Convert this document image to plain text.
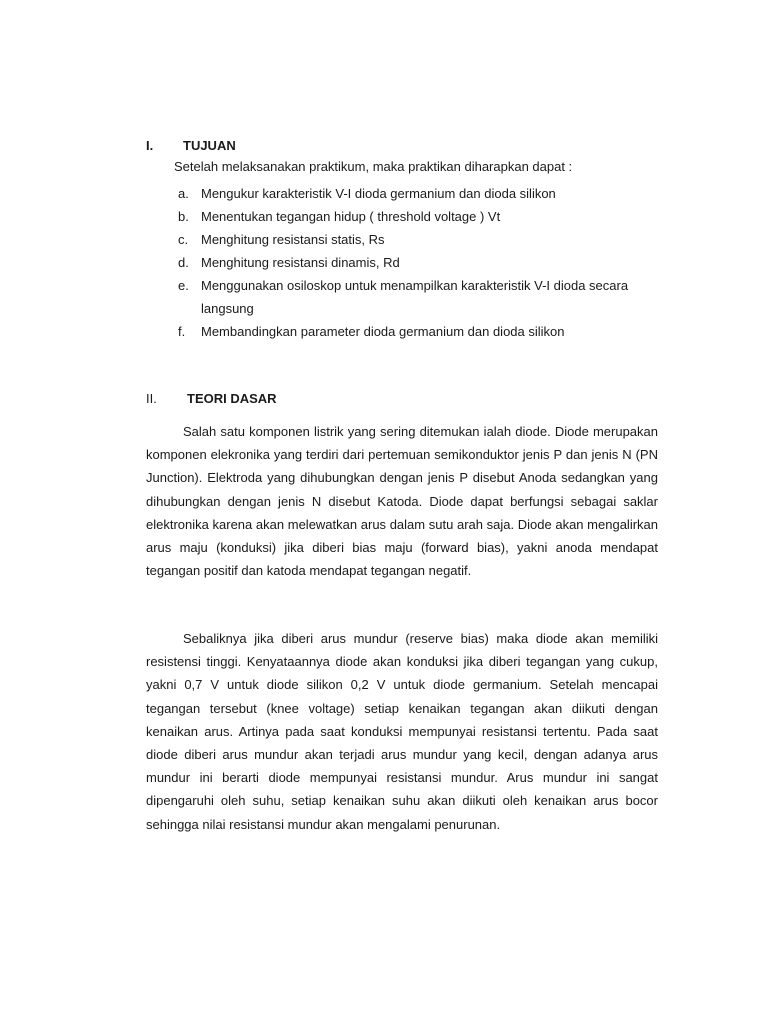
I. TUJUAN
Setelah melaksanakan praktikum, maka praktikan diharapkan dapat :
a. Mengukur karakteristik V-I dioda germanium dan dioda silikon
b. Menentukan tegangan hidup ( threshold voltage ) Vt
c. Menghitung resistansi statis, Rs
d. Menghitung resistansi dinamis, Rd
e. Menggunakan osiloskop untuk menampilkan karakteristik V-I dioda secara langsung
f. Membandingkan parameter dioda germanium dan dioda silikon
II. TEORI DASAR

Salah satu komponen listrik yang sering ditemukan ialah diode. Diode merupakan komponen elekronika yang terdiri dari pertemuan semikonduktor jenis P dan jenis N (PN Junction). Elektroda yang dihubungkan dengan jenis P disebut Anoda sedangkan yang dihubungkan dengan jenis N disebut Katoda. Diode dapat berfungsi sebagai saklar elektronika karena akan melewatkan arus dalam sutu arah saja. Diode akan mengalirkan arus maju (konduksi) jika diberi bias maju (forward bias), yakni anoda mendapat tegangan positif dan katoda mendapat tegangan negatif.

Sebaliknya jika diberi arus mundur (reserve bias) maka diode akan memiliki resistensi tinggi. Kenyataannya diode akan konduksi jika diberi tegangan yang cukup, yakni 0,7 V untuk diode silikon 0,2 V untuk diode germanium. Setelah mencapai tegangan tersebut (knee voltage) setiap kenaikan tegangan akan diikuti dengan kenaikan arus. Artinya pada saat konduksi mempunyai resistansi tertentu. Pada saat diode diberi arus mundur akan terjadi arus mundur yang kecil, dengan adanya arus mundur ini berarti diode mempunyai resistansi mundur. Arus mundur ini sangat dipengaruhi oleh suhu, setiap kenaikan suhu akan diikuti oleh kenaikan arus bocor sehingga nilai resistansi mundur akan mengalami penurunan.
